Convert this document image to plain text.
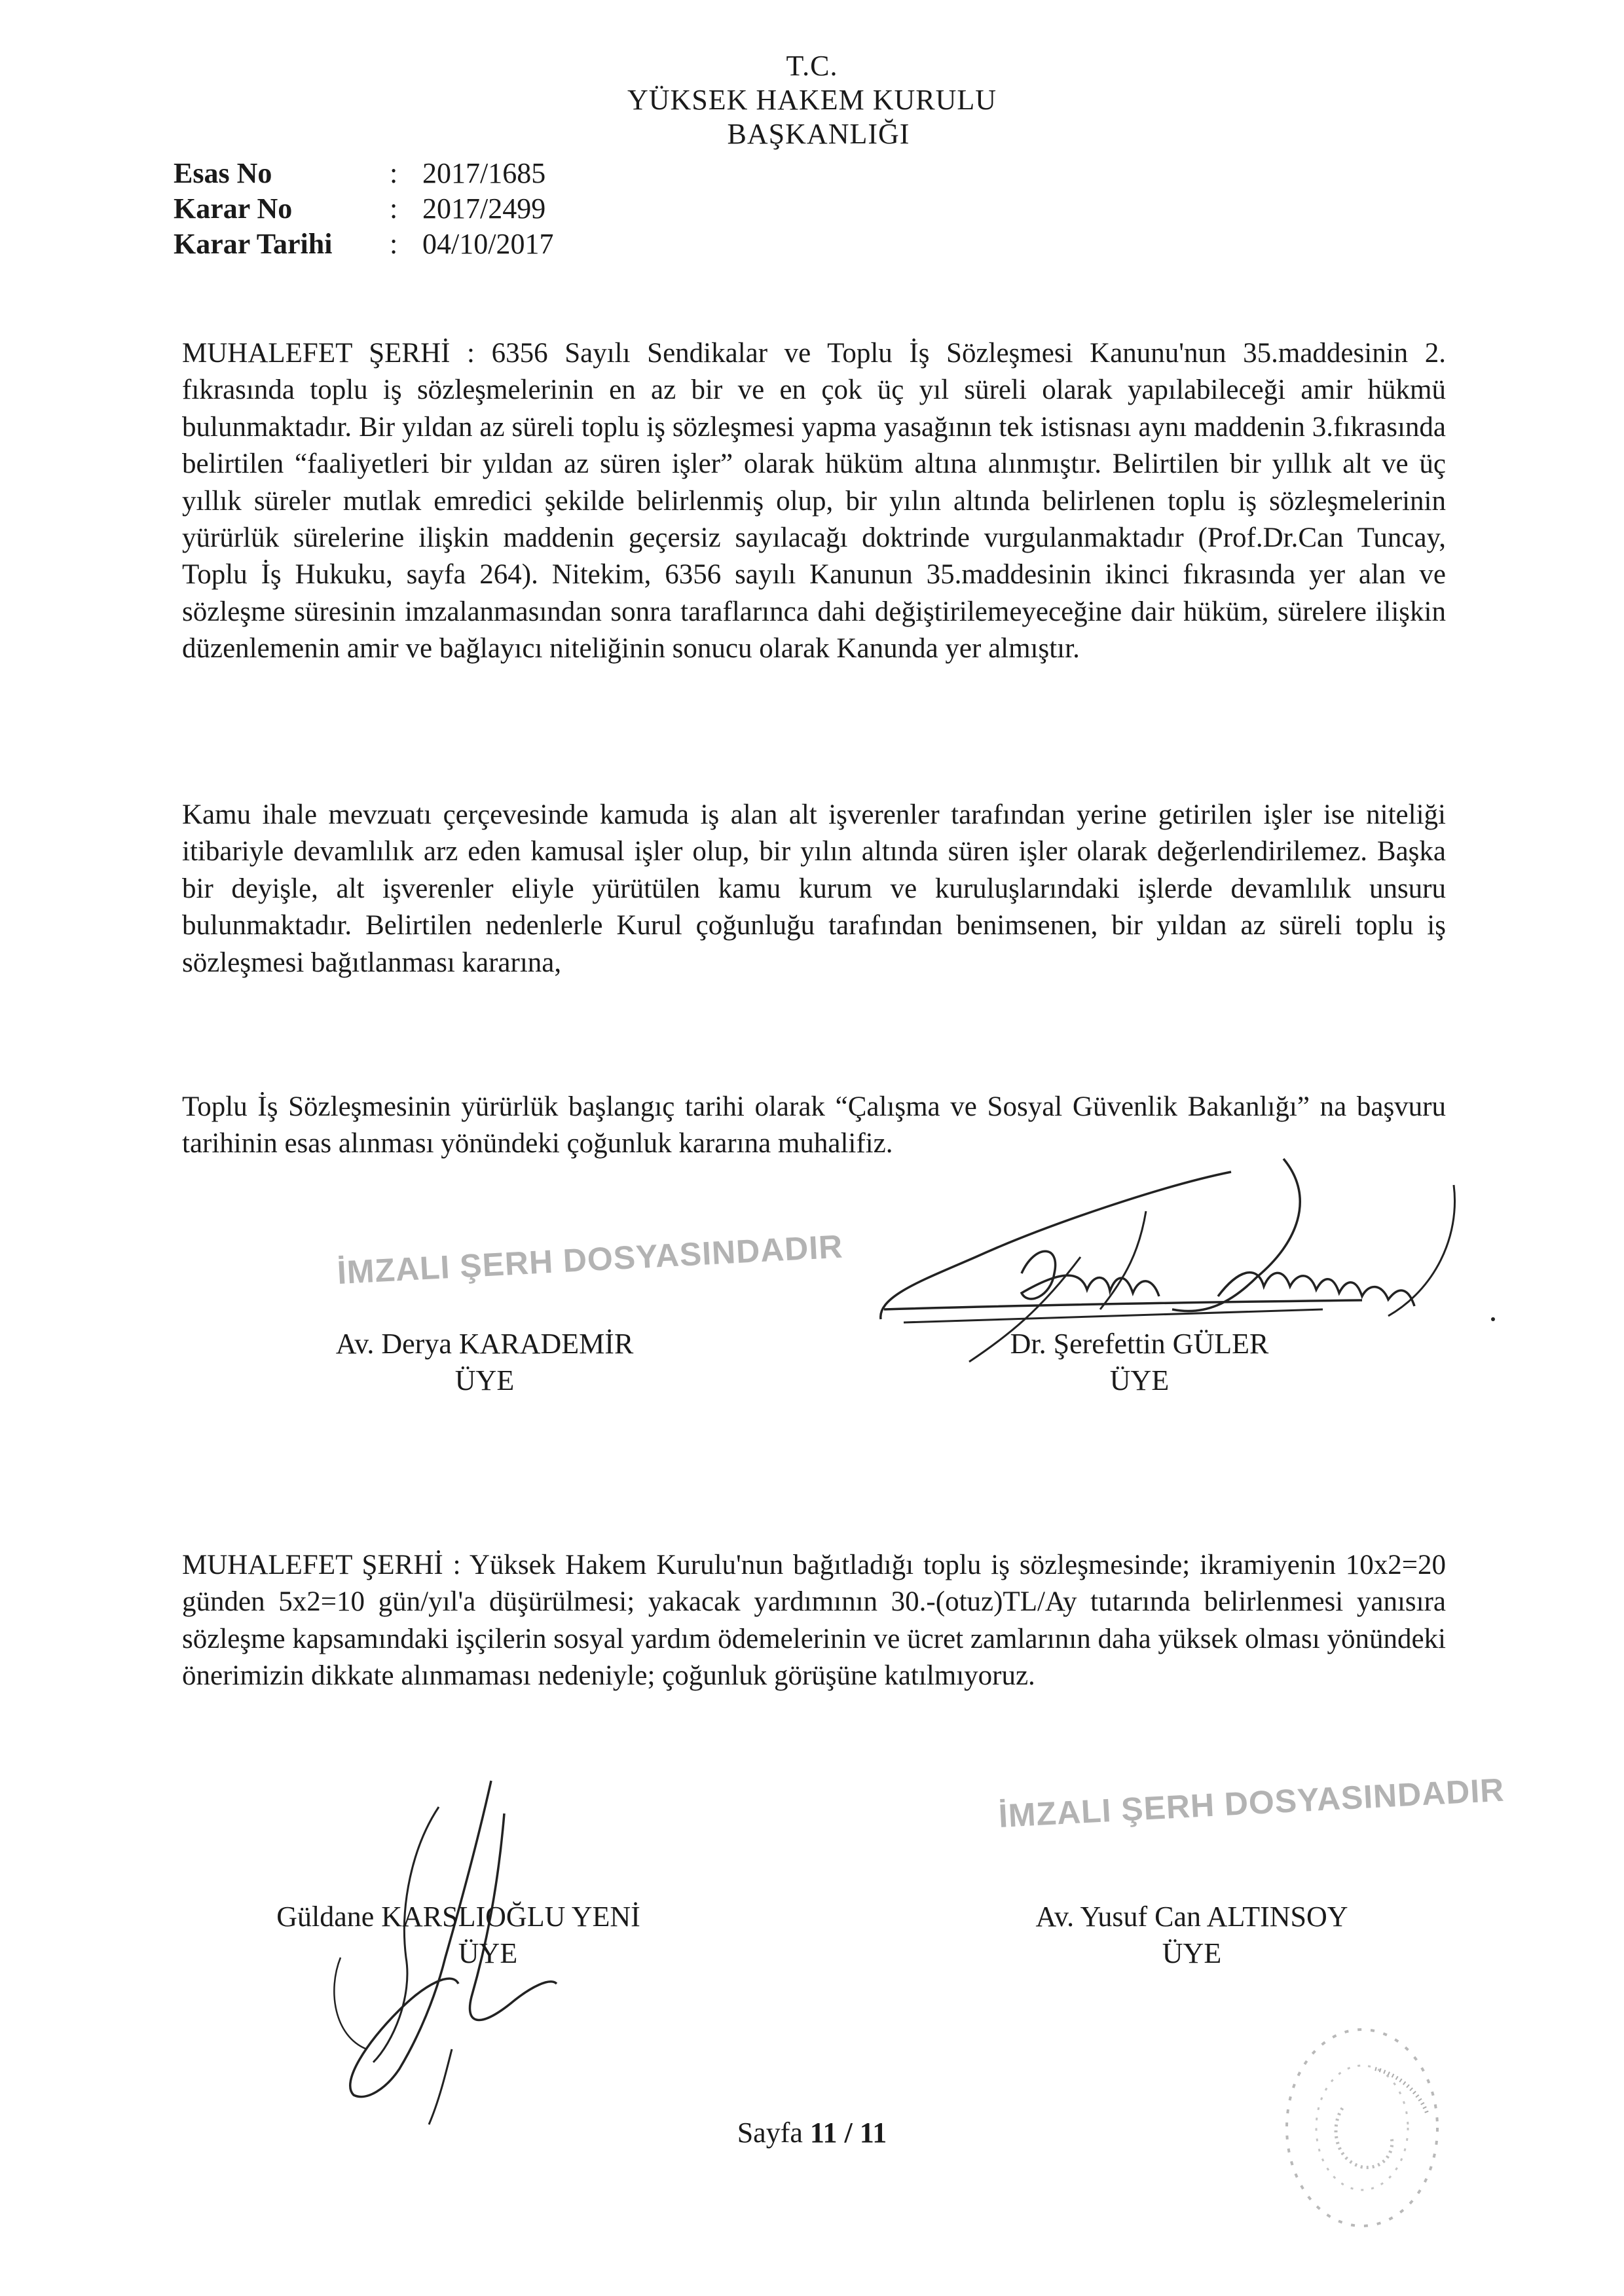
T.C.
YÜKSEK HAKEM KURULU
BAŞKANLIĞI
Esas No	: 2017/1685
Karar No	: 2017/2499
Karar Tarihi	: 04/10/2017
MUHALEFET ŞERHİ : 6356 Sayılı Sendikalar ve Toplu İş Sözleşmesi Kanunu'nun 35.maddesinin 2. fıkrasında toplu iş sözleşmelerinin en az bir ve en çok üç yıl süreli olarak yapılabileceği amir hükmü bulunmaktadır. Bir yıldan az süreli toplu iş sözleşmesi yapma yasağının tek istisnası aynı maddenin 3.fıkrasında belirtilen “faaliyetleri bir yıldan az süren işler” olarak hüküm altına alınmıştır. Belirtilen bir yıllık alt ve üç yıllık süreler mutlak emredici şekilde belirlenmiş olup, bir yılın altında belirlenen toplu iş sözleşmelerinin yürürlük sürelerine ilişkin maddenin geçersiz sayılacağı doktrinde vurgulanmaktadır (Prof.Dr.Can Tuncay, Toplu İş Hukuku, sayfa 264). Nitekim, 6356 sayılı Kanunun 35.maddesinin ikinci fıkrasında yer alan ve sözleşme süresinin imzalanmasından sonra taraflarınca dahi değiştirilemeyeceğine dair hüküm, sürelere ilişkin düzenlemenin amir ve bağlayıcı niteliğinin sonucu olarak Kanunda yer almıştır.
Kamu ihale mevzuatı çerçevesinde kamuda iş alan alt işverenler tarafından yerine getirilen işler ise niteliği itibariyle devamlılık arz eden kamusal işler olup, bir yılın altında süren işler olarak değerlendirilemez. Başka bir deyişle, alt işverenler eliyle yürütülen kamu kurum ve kuruluşlarındaki işlerde devamlılık unsuru bulunmaktadır. Belirtilen nedenlerle Kurul çoğunluğu tarafından benimsenen, bir yıldan az süreli toplu iş sözleşmesi bağıtlanması kararına,
Toplu İş Sözleşmesinin yürürlük başlangıç tarihi olarak “Çalışma ve Sosyal Güvenlik Bakanlığı” na başvuru tarihinin esas alınması yönündeki çoğunluk kararına muhalifiz.
İMZALI ŞERH DOSYASINDADIR
Av. Derya KARADEMİR
ÜYE
Dr. Şerefettin GÜLER
ÜYE
MUHALEFET ŞERHİ : Yüksek Hakem Kurulu'nun bağıtladığı toplu iş sözleşmesinde; ikramiyenin 10x2=20 günden 5x2=10 gün/yıl'a düşürülmesi; yakacak yardımının 30.-(otuz)TL/Ay tutarında belirlenmesi yanısıra sözleşme kapsamındaki işçilerin sosyal yardım ödemelerinin ve ücret zamlarının daha yüksek olması yönündeki önerimizin dikkate alınmaması nedeniyle; çoğunluk görüşüne katılmıyoruz.
İMZALI ŞERH DOSYASINDADIR
Güldane KARSLIOĞLU YENİ
ÜYE
Av. Yusuf Can ALTINSOY
ÜYE
Sayfa 11 / 11
